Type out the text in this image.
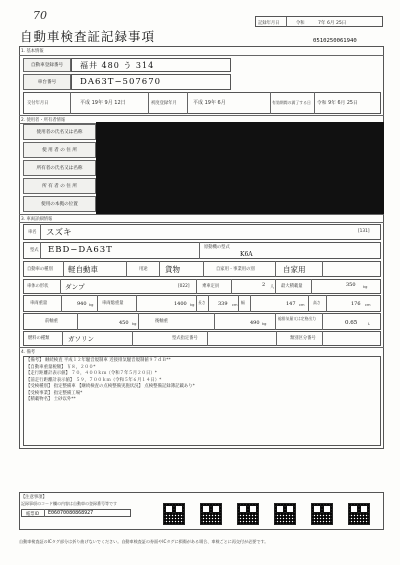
70
自動車検査証記録事項
記録年月日	令和	7年 6月 25日
0510250061940
1. 基本情報
自動車登録番号	福井 480 う 314
車台番号	DA63T−507670
交付年月日	平成 19年 9月 12日	初度登録年月	平成 19年 6月	有効期間の満了する日 令和 9年 6月 25日
2. 使用者・所有者情報
使用者の氏名又は名称
使 用 者 の 住 所
所有者の氏名又は名称
所 有 者 の 住 所
使用の本拠の位置
3. 車両詳細情報
車名 スズキ	[131]
型式 EBD−DA63T	原動機の型式
K6A
自動車の種別 軽自動車	用途 貨物	自家用・事業用の別	自家用
車体の形状	ダンプ	[022]	乗車定員	2 人 最大積載量	350 kg
車両重量	940 kg 車両総重量	1400 kg 長さ 339 cm 幅	147 cm 高さ	176 cm
前軸重	450 kg	後軸重	490 kg
総排気量又は定格出力
0.65	L
燃料の種類	ガソリン	型式指定番号	類別区分番号
4. 備考
【備考】 継続検査 平成１２年騒音規制車 近接排気騒音規制値９７ｄＢ**
【自動車重量税額】 ￥８，２００*
【走行距離計表示値】 ７０，４００ｋｍ（令和７年５月２０日）*
【前走行距離計表示値】 ５９，７００ｋｍ（令和５年６月１４日）*
【受検種別】 指定整備車 【継続検査の点検整備実施状況】 点検整備記録簿記載あり*
【受検事業】 指定整備工場*
【積載物名】 土砂以外**
【注意事項】
記録事項のコード欄の内容は自動車の登録番号等です
帳票ID E06070080868927
自動車検査証のICタグ部分は折り曲げないでください。自動車検査証の券面やICタグに損傷がある場合、車検ごとに再交付が必要です。
